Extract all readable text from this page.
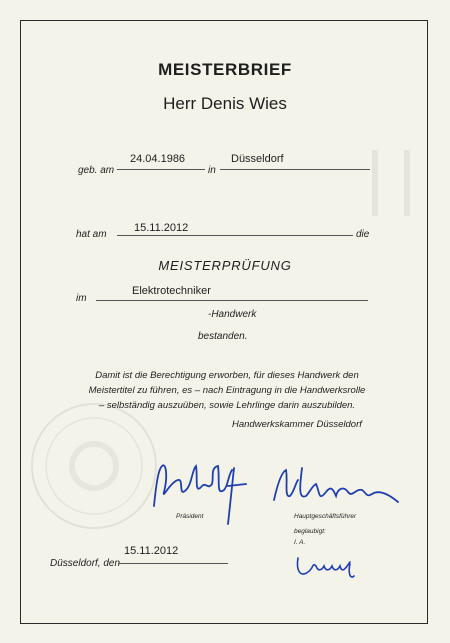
MEISTERBRIEF
Herr Denis Wies
geb. am
24.04.1986
in
Düsseldorf
hat am
15.11.2012
die
MEISTERPRÜFUNG
im
Elektrotechniker
-Handwerk
bestanden.
Damit ist die Berechtigung erworben, für dieses Handwerk den
Meistertitel zu führen, es – nach Eintragung in die Handwerksrolle
– selbständig auszuüben, sowie Lehrlinge darin auszubilden.
Handwerkskammer Düsseldorf
Präsident	Hauptgeschäftsführer
beglaubigt:
I. A.
Düsseldorf, den
15.11.2012
